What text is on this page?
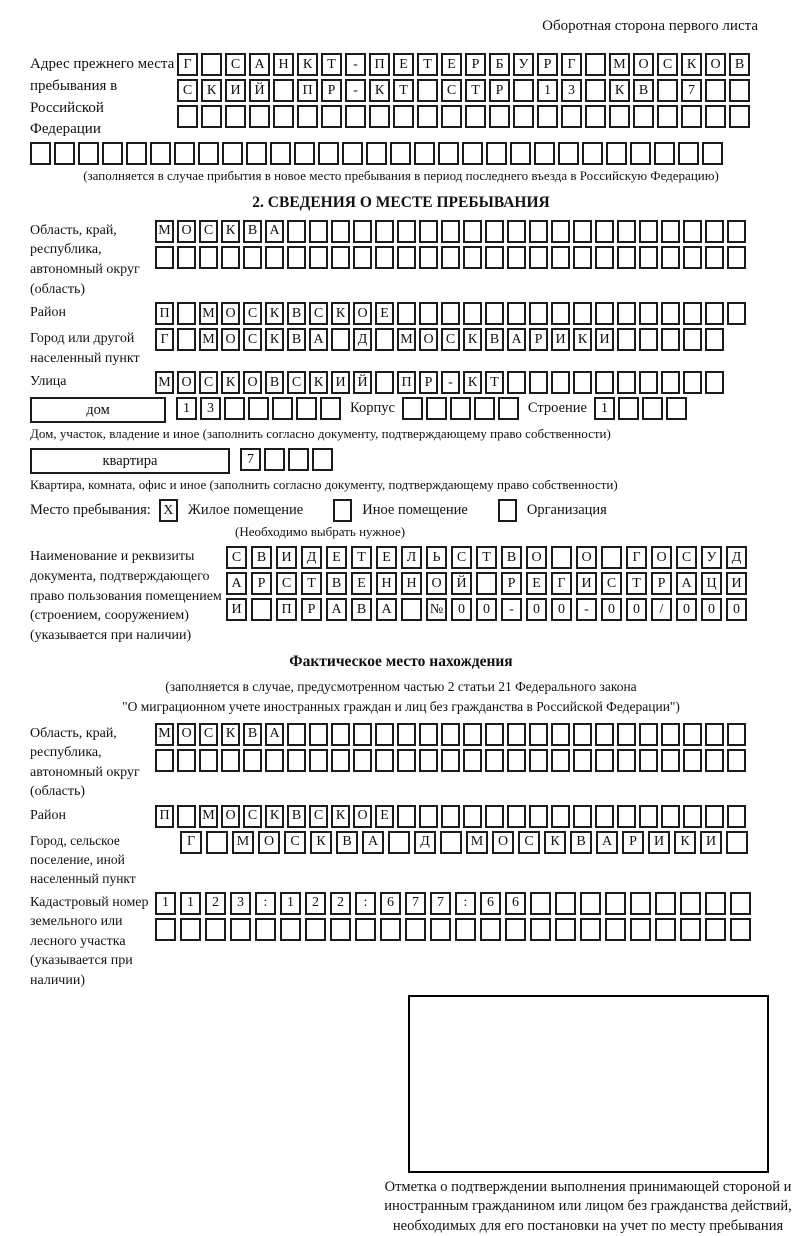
Оборотная сторона первого листа
Адрес прежнего места пребывания в Российской Федерации
Г	С	А Н	К	Т	-	П	Е	Т	Е	Р	Б	У	Р	Г	М О	С	К	О	В
С	К	И Й	П	Р	-	К	Т	С	Т	Р	1	3	К	В	7
(заполняется в случае прибытия в новое место пребывания в период последнего въезда в Российскую Федерацию)
2. СВЕДЕНИЯ О МЕСТЕ ПРЕБЫВАНИЯ
Область, край, республика, автономный округ (область)
М О С К В А
Район	П	М О С К В С К О Е
Город или другой населенный пункт
Г	М О С К В А	Д	М О С К В А Р И К И
Улица	М О С К О В С К И Й	П Р	-	К Т
дом	1	3	Корпус	Строение	1
Дом, участок, владение и иное (заполнить согласно документу, подтверждающему право собственности)
квартира	7
Квартира, комната, офис и иное (заполнить согласно документу, подтверждающему право собственности)
Место пребывания: X Жилое помещение	Иное помещение	Организация
(Необходимо выбрать нужное)
Наименование и реквизиты документа, подтверждающего право пользования помещением (строением, сооружением) (указывается при наличии)
С	В	И	Д	Е	Т	Е	Л	Ь	С	Т	В	О	О	Г	О	С	У	Д
А	Р	С	Т	В	Е	Н	Н	О	Й	Р	Е	Г	И	С	Т	Р	А	Ц	И
И	П	Р	А	В	А	№	0	0	-	0	0	-	0	0	/	0	0	0
Фактическое место нахождения
(заполняется в случае, предусмотренном частью 2 статьи 21 Федерального закона
"О миграционном учете иностранных граждан и лиц без гражданства в Российской Федерации")
Область, край, республика, автономный округ (область)
М О С К В А
Район	П	М О С К В С К О Е
Город, сельское поселение, иной населенный пункт
Г	М	О	С	К	В	А	Д	М	О	С	К	В	А	Р	И	К	И
Кадастровый номер земельного или лесного участка (указывается при наличии)
1	1	2	3	:	1	2	2	:	6	7	7	:	6	6
Отметка о подтверждении выполнения принимающей стороной и иностранным гражданином или лицом без гражданства действий, необходимых для его постановки на учет по месту пребывания
